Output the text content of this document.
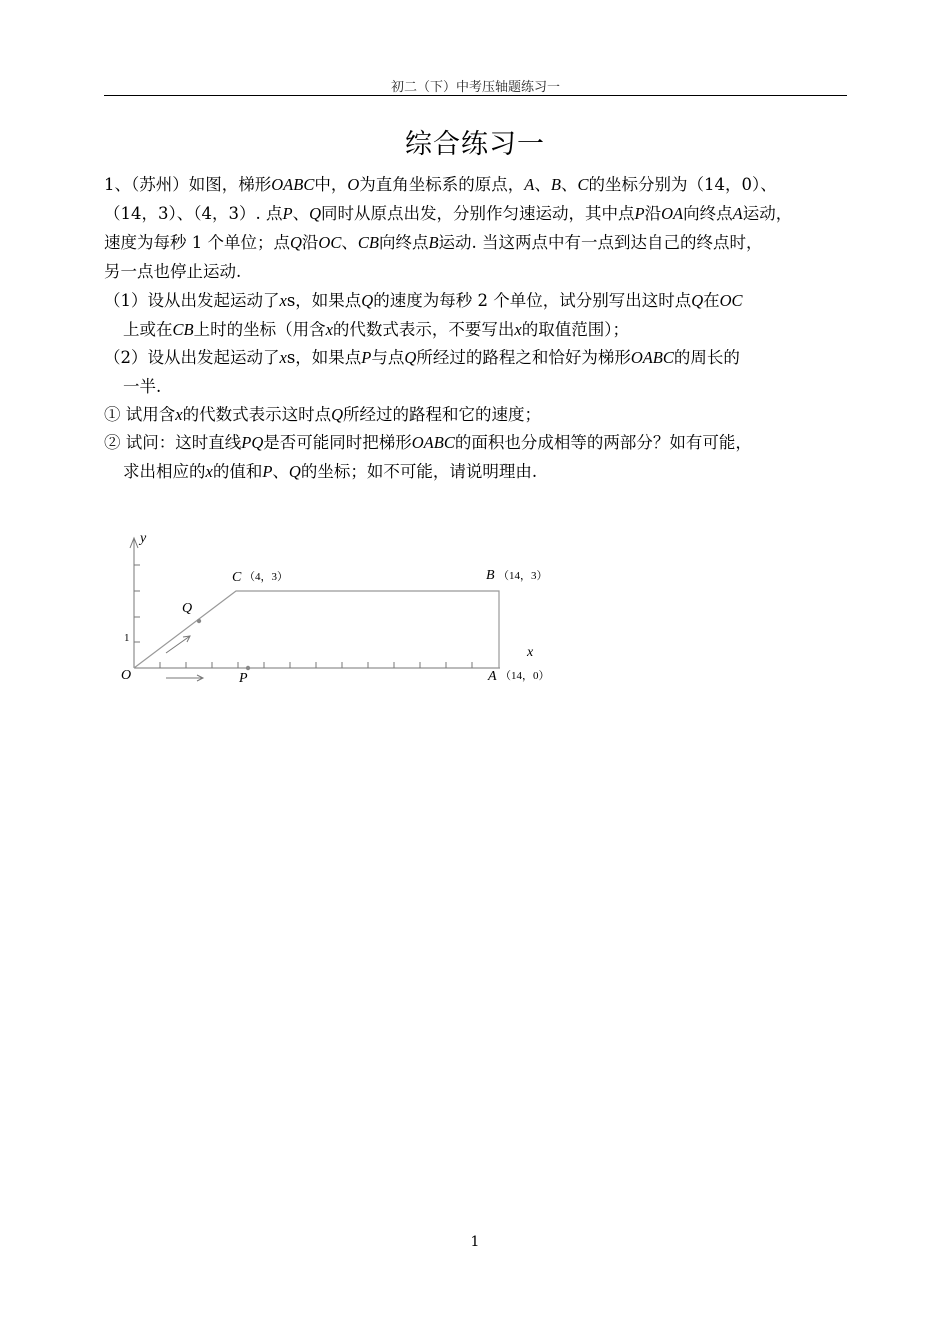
初二（下）中考压轴题练习一
综合练习一
1、（苏州）如图，梯形OABC中，O为直角坐标系的原点，A、B、C的坐标分别为（14，0）、
（14，3）、（4，3）. 点P、Q同时从原点出发，分别作匀速运动，其中点P沿OA向终点A运动，
速度为每秒 1 个单位；点Q沿OC、CB向终点B运动. 当这两点中有一点到达自己的终点时，
另一点也停止运动.
（1）设从出发起运动了xs，如果点Q的速度为每秒 2 个单位，试分别写出这时点Q在OC
上或在CB上时的坐标（用含x的代数式表示，不要写出x的取值范围）；
（2）设从出发起运动了xs，如果点P与点Q所经过的路程之和恰好为梯形OABC的周长的
一半.
① 试用含x的代数式表示这时点Q所经过的路程和它的速度；
② 试问：这时直线PQ是否可能同时把梯形OABC的面积也分成相等的两部分？如有可能，
求出相应的x的值和P、Q的坐标；如不可能，请说明理由.
y
x
O
C （4，3）	B （14，3）
A （14，0）
Q
P
1
1
